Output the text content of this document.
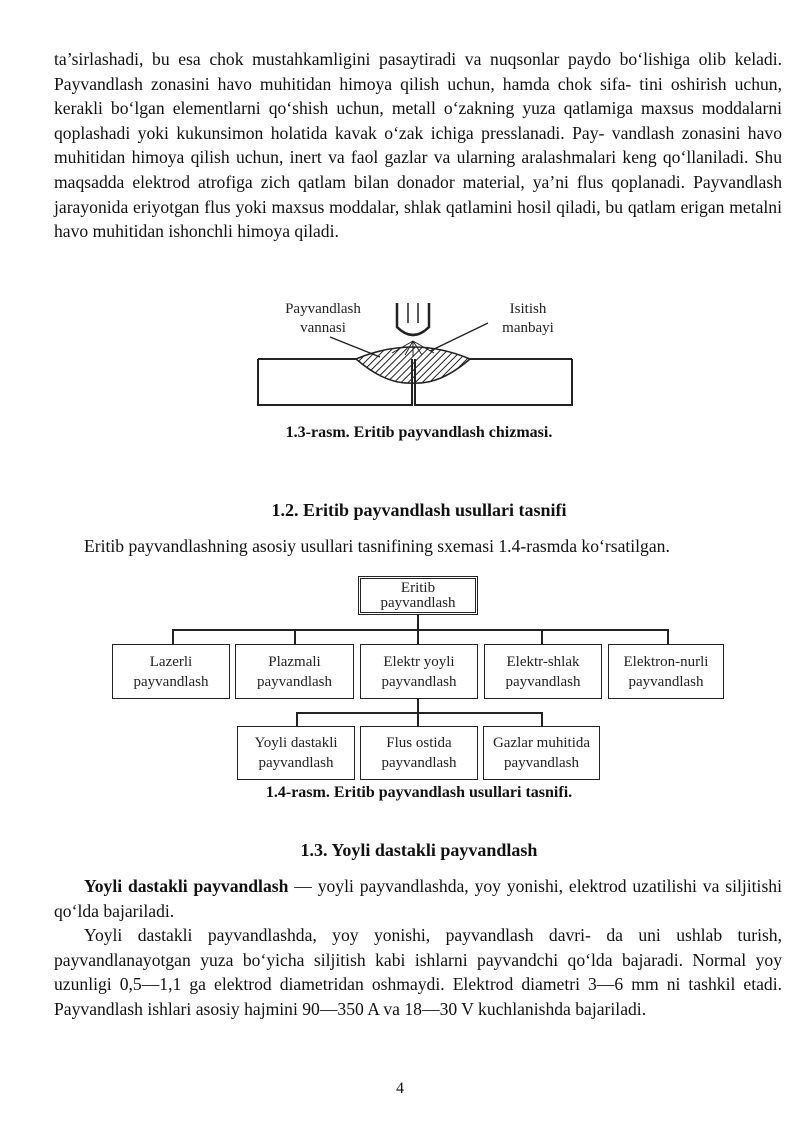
ta’sirlashadi, bu esa chok mustahkamligini pasaytiradi va nuqsonlar paydo bo‘lishiga olib keladi. Payvandlash zonasini havo muhitidan himoya qilish uchun, hamda chok sifa- tini oshirish uchun, kerakli bo‘lgan elementlarni qo‘shish uchun, metall o‘zakning yuza qatlamiga maxsus moddalarni qoplashadi yoki kukunsimon holatida kavak o‘zak ichiga presslanadi. Pay- vandlash zonasini havo muhitidan himoya qilish uchun, inert va faol gazlar va ularning aralashmalari keng qo‘llaniladi. Shu maqsadda elektrod atrofiga zich qatlam bilan donador material, ya’ni flus qoplanadi. Payvandlash jarayonida eriyotgan flus yoki maxsus moddalar, shlak qatlamini hosil qiladi, bu qatlam erigan metalni havo muhitidan ishonchli himoya qiladi.

Payvandlash
vannasi
Isitish
manbayi

1.3-rasm. Eritib payvandlash chizmasi.

1.2. Eritib payvandlash usullari tasnifi

Eritib payvandlashning asosiy usullari tasnifining sxemasi 1.4-rasmda ko‘rsatilgan.

Eritib
payvandlash
Lazerli
payvandlash
Plazmali
payvandlash
Elektr yoyli
payvandlash
Elektr-shlak
payvandlash
Elektron-nurli
payvandlash
Yoyli dastakli
payvandlash
Flus ostida
payvandlash
Gazlar muhitida
payvandlash

1.4-rasm. Eritib payvandlash usullari tasnifi.

1.3. Yoyli dastakli payvandlash

Yoyli dastakli payvandlash — yoyli payvandlashda, yoy yonishi, elektrod uzatilishi va siljitishi qo‘lda bajariladi.

Yoyli dastakli payvandlashda, yoy yonishi, payvandlash davri- da uni ushlab turish, payvandlanayotgan yuza bo‘yicha siljitish kabi ishlarni payvandchi qo‘lda bajaradi. Normal yoy uzunligi 0,5—1,1 ga elektrod diametridan oshmaydi. Elektrod diametri 3—6 mm ni tashkil etadi. Payvandlash ishlari asosiy hajmini 90—350 A va 18—30 V kuchlanishda bajariladi.

4
